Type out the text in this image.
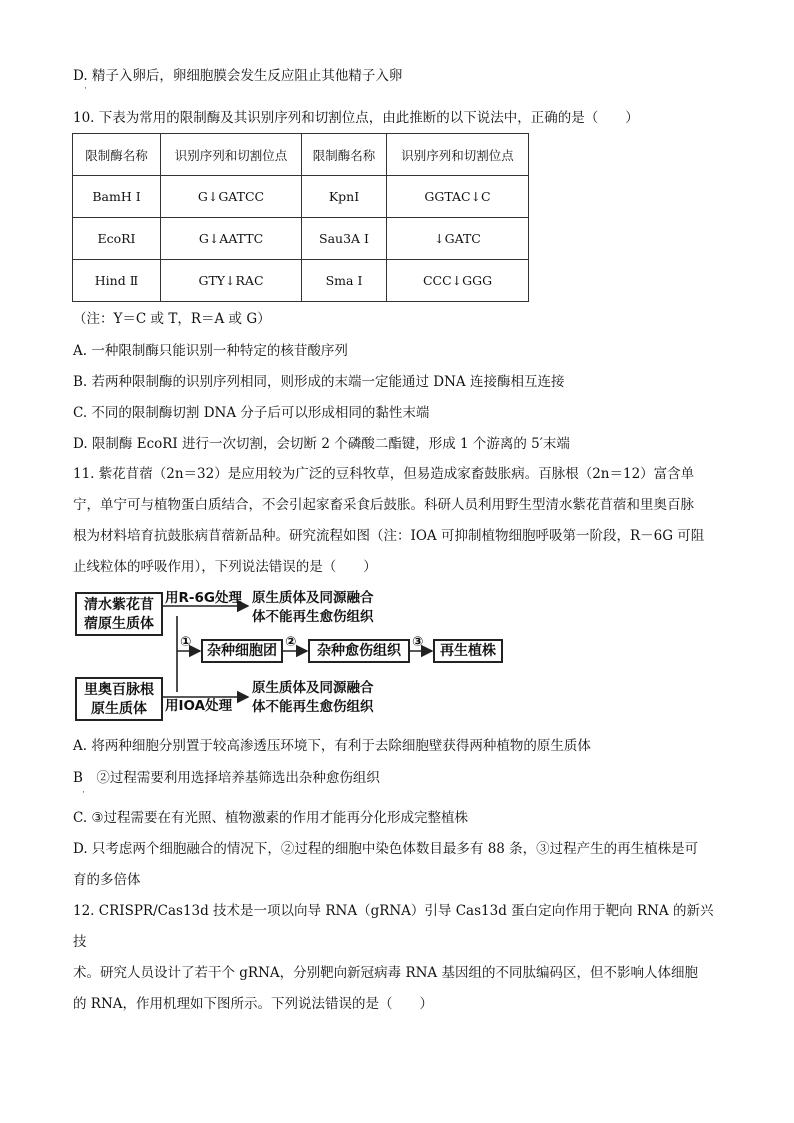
D. 精子入卵后，卵细胞膜会发生反应阻止其他精子入卵
·
10. 下表为常用的限制酶及其识别序列和切割位点，由此推断的以下说法中，正确的是（　　）
限制酶名称	识别序列和切割位点	限制酶名称	识别序列和切割位点
BamH Ⅰ	G↓GATCC	KpnI	GGTAC↓C
EcoRI	G↓AATTC	Sau3A Ⅰ	↓GATC
Hind Ⅱ	GTY↓RAC	Sma Ⅰ	CCC↓GGG
（注：Y＝C 或 T，R＝A 或 G）
A. 一种限制酶只能识别一种特定的核苷酸序列
B. 若两种限制酶的识别序列相同，则形成的末端一定能通过 DNA 连接酶相互连接
C. 不同的限制酶切割 DNA 分子后可以形成相同的黏性末端
D. 限制酶 EcoRI 进行一次切割，会切断 2 个磷酸二酯键，形成 1 个游离的 5′末端
11. 紫花苜蓿（2n＝32）是应用较为广泛的豆科牧草，但易造成家畜鼓胀病。百脉根（2n＝12）富含单
宁，单宁可与植物蛋白质结合，不会引起家畜采食后鼓胀。科研人员利用野生型清水紫花苜蓿和里奥百脉
根为材料培育抗鼓胀病苜蓿新品种。研究流程如图（注：IOA 可抑制植物细胞呼吸第一阶段，R－6G 可阻
止线粒体的呼吸作用），下列说法错误的是（　　）
清水紫花苜
蓿原生质体
里奥百脉根
原生质体
用R-6G处理 原生质体及同源融合
体不能再生愈伤组织
①
杂种细胞团
②
杂种愈伤组织
③
再生植株
原生质体及同源融合
体不能再生愈伤组织
用IOA处理
A. 将两种细胞分别置于较高渗透压环境下，有利于去除细胞壁获得两种植物的原生质体
B　②过程需要利用选择培养基筛选出杂种愈伤组织
·
C. ③过程需要在有光照、植物激素的作用才能再分化形成完整植株
D. 只考虑两个细胞融合的情况下，②过程的细胞中染色体数目最多有 88 条，③过程产生的再生植株是可
育的多倍体
12. CRISPR/Cas13d 技术是一项以向导 RNA（gRNA）引导 Cas13d 蛋白定向作用于靶向 RNA 的新兴技
术。研究人员设计了若干个 gRNA，分别靶向新冠病毒 RNA 基因组的不同肽编码区，但不影响人体细胞
的 RNA，作用机理如下图所示。下列说法错误的是（　　）
